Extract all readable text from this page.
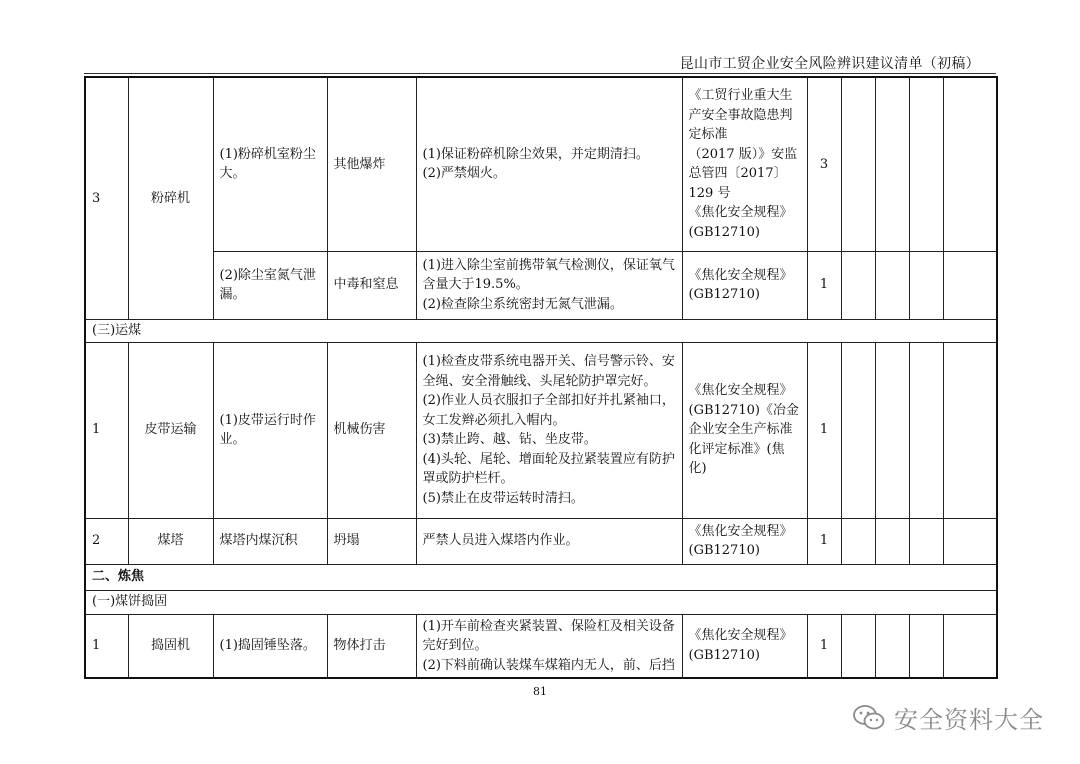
昆山市工贸企业安全风险辨识建议清单（初稿）
3	粉碎机	(1)粉碎机室粉尘大。	其他爆炸	(1)保证粉碎机除尘效果，并定期清扫。
(2)严禁烟火。	《工贸行业重大生产安全事故隐患判定标准
（2017 版）》安监总管四〔2017〕129 号
《焦化安全规程》(GB12710)	3				
		(2)除尘室氮气泄漏。	中毒和窒息	(1)进入除尘室前携带氧气检测仪，保证氧气含量大于19.5%。
(2)检查除尘系统密封无氮气泄漏。	《焦化安全规程》(GB12710)	1				
(三)运煤										
1	皮带运输	(1)皮带运行时作业。	机械伤害	(1)检查皮带系统电器开关、信号警示铃、安全绳、安全滑触线、头尾轮防护罩完好。
(2)作业人员衣服扣子全部扣好并扎紧袖口，女工发辫必须扎入帽内。
(3)禁止跨、越、钻、坐皮带。
(4)头轮、尾轮、增面轮及拉紧装置应有防护罩或防护栏杆。
(5)禁止在皮带运转时清扫。	《焦化安全规程》(GB12710)《冶金企业安全生产标准化评定标准》(焦化)	1				
2	煤塔	煤塔内煤沉积	坍塌	严禁人员进入煤塔内作业。	《焦化安全规程》(GB12710)	1				
二、炼焦										
(一)煤饼捣固										
1	捣固机	(1)捣固锤坠落。	物体打击	(1)开车前检查夹紧装置、保险杠及相关设备完好到位。
(2)下料前确认装煤车煤箱内无人，前、后挡	《焦化安全规程》(GB12710)	1				
81
安全资料大全
